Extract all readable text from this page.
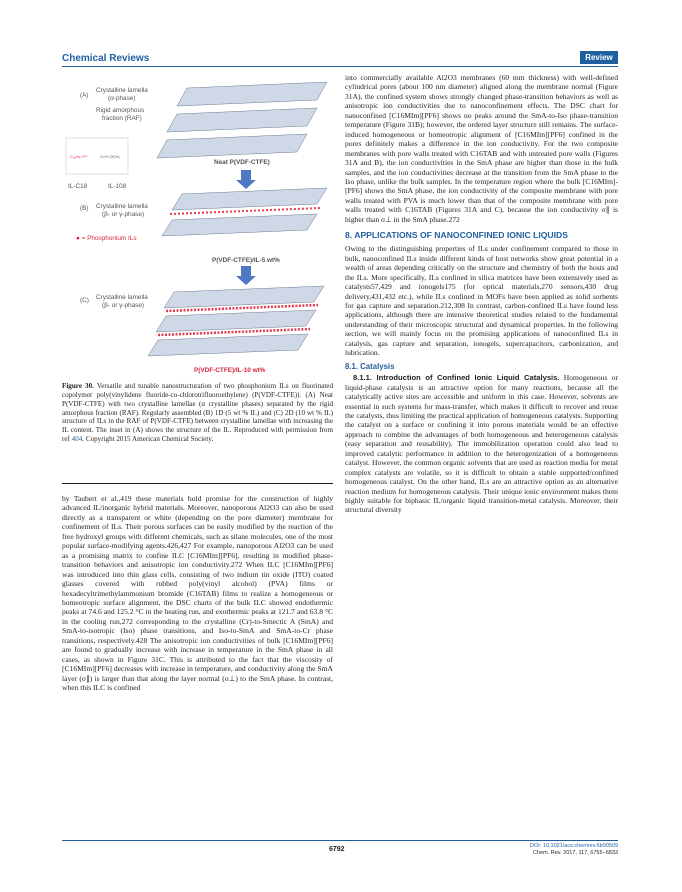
Chemical Reviews	Review
(A)
Crystalline lamella
(α-phase)
Rigid amorphous
fraction (RAF)
C₁₈H₃₇-P⁺	O=P-OCH₃
Neat P(VDF-CTFE)
IL-C18	IL-108
(B) Crystalline lamella
(β- or γ-phase)
● = Phosphonium ILs
P(VDF-CTFE)/IL-5 wt%
(C) Crystalline lamella
(β- or γ-phase)
P(VDF-CTFE)/IL-10 wt%
Figure 30. Versatile and tunable nanostructuration of two phosphonium ILs on fluorinated copolymer poly(vinylidene fluoride-co-chlorotrifluoroethylene) (P(VDF-CTFE)). (A) Neat P(VDF-CTFE) with two crystalline lamellae (α crystalline phases) separated by the rigid amorphous fraction (RAF). Regularly assembled (B) 1D (5 wt % IL) and (C) 2D (10 wt % IL) structure of ILs in the RAF of P(VDF-CTFE) between crystalline lamellae with increasing the IL content. The inset in (A) shows the structure of the IL. Reproduced with permission from ref 404. Copyright 2015 American Chemical Society.

by Taubert et al.,419 these materials hold promise for the construction of highly advanced IL/inorganic hybrid materials. Moreover, nanoporous Al2O3 can also be used directly as a transparent or white (depending on the pore diameter) membrane for confinement of ILs. Their porous surfaces can be easily modified by the reaction of the free hydroxyl groups with different chemicals, such as silane molecules, one of the most popular surface-modifying agents.426,427 For example, nanoporous Al2O3 can be used as a promising matrix to confine ILC [C16MIm][PF6], resulting in modified phase-transition behaviors and anisotropic ion conductivity.272 When ILC [C16MIm][PF6] was introduced into thin glass cells, consisting of two indium tin oxide (ITO) coated glasses covered with rubbed poly(vinyl alcohol) (PVA) films or hexadecyltrimethylammonium bromide (C16TAB) films to realize a homogeneous or homeotropic surface alignment, the DSC charts of the bulk ILC showed endothermic peaks at 74.6 and 125.2 °C in the heating run, and exothermic peaks at 121.7 and 63.8 °C in the cooling run,272 corresponding to the crystalline (Cr)-to-Smectic A (SmA) and SmA-to-isotropic (Iso) phase transitions, and Iso-to-SmA and SmA-to-Cr phase transitions, respectively.428 The anisotropic ion conductivities of bulk [C16MIm][PF6] are found to gradually increase with increase in temperature in the SmA phase in all cases, as shown in Figure 31C. This is attributed to the fact that the viscosity of [C16MIm][PF6] decreases with increase in temperature, and conductivity along the SmA layer (σ∥) is larger than that along the layer normal (σ⊥) to the SmA phase. In contrast, when this ILC is confined

into commercially available Al2O3 membranes (60 mm thickness) with well-defined cylindrical pores (about 100 nm diameter) aligned along the membrane normal (Figure 31A), the confined system shows strongly changed phase-transition behaviors as well as anisotropic ion conductivities due to nanoconfinement effects. The DSC chart for nanoconfined [C16MIm][PF6] shows no peaks around the SmA-to-Iso phase-transition temperature (Figure 31B); however, the ordered layer structure still remains. The surface-induced homogeneous or homeotropic alignment of [C16MIm][PF6] confined in the pores definitely makes a difference in the ion conductivity. For the two composite membranes with pore walls treated with C16TAB and with untreated pore walls (Figures 31A and B), the ion conductivities in the SmA phase are higher than those in the bulk samples, and the ion conductivities decrease at the transition from the SmA phase to the Iso phase, unlike the bulk samples. In the temperature region where the bulk [C16MIm]-[PF6] shows the SmA phase, the ion conductivity of the composite membrane with pore walls treated with PVA is much lower than that of the composite membrane with pore walls treated with C16TAB (Figures 31A and C), because the ion conductivity σ∥ is higher than σ⊥ in the SmA phase.272

8. APPLICATIONS OF NANOCONFINED IONIC LIQUIDS

Owing to the distinguishing properties of ILs under confinement compared to those in bulk, nanoconfined ILs inside different kinds of host networks show great potential in a wealth of areas depending critically on the structure and chemistry of both the hosts and the ILs. More specifically, ILs confined in silica matrices have been extensively used as catalysts57,429 and ionogels175 (for optical materials,270 sensors,430 drug delivery,431,432 etc.), while ILs confined in MOFs have been applied as solid sorbents for gas capture and separation.212,308 In contrast, carbon-confined ILs have found less applications, although there are intensive theoretical studies related to the fundamental understanding of their microscopic structural and dynamical properties. In the following section, we will mainly focus on the promising applications of nanoconfined ILs in catalysis, gas capture and separation, ionogels, supercapacitors, carbonization, and lubrication.

8.1. Catalysis

8.1.1. Introduction of Confined Ionic Liquid Catalysis. Homogeneous or liquid-phase catalysis is an attractive option for many reactions, because all the catalytically active sites are accessible and uniform in this case. However, solvents are essential in such systems for mass-transfer, which makes it difficult to recover and reuse the catalysts, thus limiting the practical application of homogeneous catalysts. Supporting the catalyst on a surface or confining it into porous materials would be an effective approach to combine the advantages of both homogeneous and heterogeneous catalysis (easy separation and reusability). The immobilization operation could also lead to improved catalytic performance in addition to the heterogenization of a homogeneous catalyst. However, the common organic solvents that are used as reaction media for metal complex catalysts are volatile, so it is difficult to obtain a stable supported/confined homogeneous catalyst. On the other hand, ILs are an attractive option as an alternative reaction medium for homogeneous catalysis. Their unique ionic environment makes them highly suitable for biphasic IL/organic liquid transition-metal catalysis. Moreover, their structural diversity

6792	DOI: 10.1021/acs.chemrev.6b00509
Chem. Rev. 2017, 117, 6755−6833
